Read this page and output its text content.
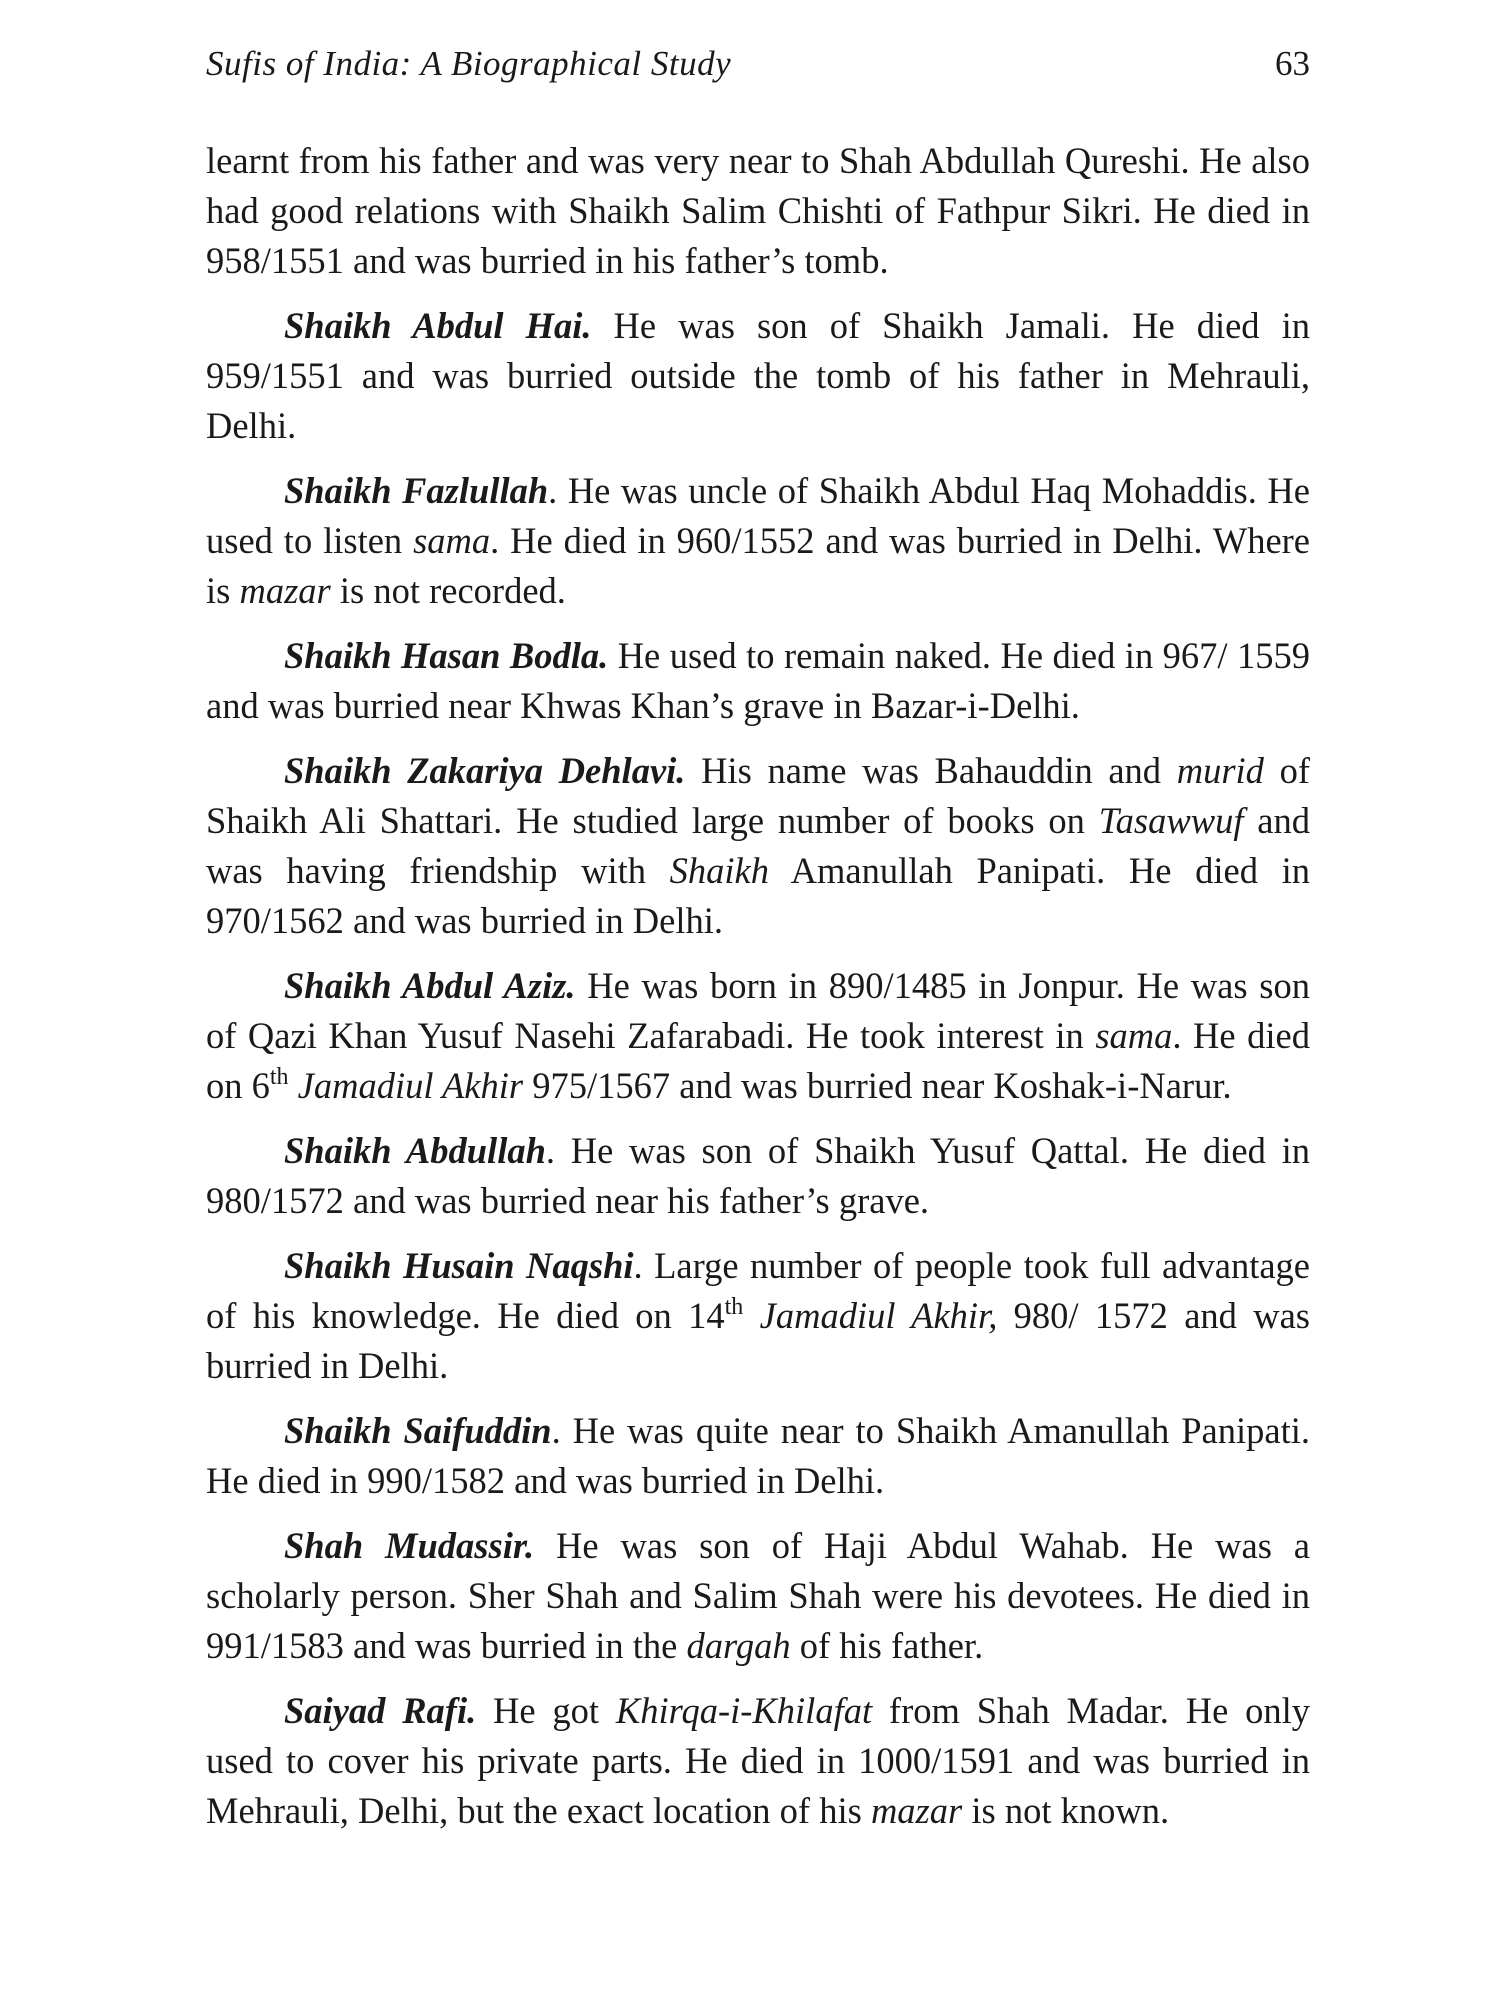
Sufis of India: A Biographical Study	63

learnt from his father and was very near to Shah Abdullah Qureshi. He also had good relations with Shaikh Salim Chishti of Fathpur Sikri. He died in 958/1551 and was burried in his father’s tomb.

Shaikh Abdul Hai. He was son of Shaikh Jamali. He died in 959/1551 and was burried outside the tomb of his father in Mehrauli, Delhi.

Shaikh Fazlullah. He was uncle of Shaikh Abdul Haq Mohaddis. He used to listen sama. He died in 960/1552 and was burried in Delhi. Where is mazar is not recorded.

Shaikh Hasan Bodla. He used to remain naked. He died in 967/ 1559 and was burried near Khwas Khan’s grave in Bazar-i-Delhi.

Shaikh Zakariya Dehlavi. His name was Bahauddin and murid of Shaikh Ali Shattari. He studied large number of books on Tasawwuf and was having friendship with Shaikh Amanullah Panipati. He died in 970/1562 and was burried in Delhi.

Shaikh Abdul Aziz. He was born in 890/1485 in Jonpur. He was son of Qazi Khan Yusuf Nasehi Zafarabadi. He took interest in sama. He died on 6th Jamadiul Akhir 975/1567 and was burried near Koshak-i-Narur.

Shaikh Abdullah. He was son of Shaikh Yusuf Qattal. He died in 980/1572 and was burried near his father’s grave.

Shaikh Husain Naqshi. Large number of people took full advantage of his knowledge. He died on 14th Jamadiul Akhir, 980/ 1572 and was burried in Delhi.

Shaikh Saifuddin. He was quite near to Shaikh Amanullah Panipati. He died in 990/1582 and was burried in Delhi.

Shah Mudassir. He was son of Haji Abdul Wahab. He was a scholarly person. Sher Shah and Salim Shah were his devotees. He died in 991/1583 and was burried in the dargah of his father.

Saiyad Rafi. He got Khirqa-i-Khilafat from Shah Madar. He only used to cover his private parts. He died in 1000/1591 and was burried in Mehrauli, Delhi, but the exact location of his mazar is not known.
